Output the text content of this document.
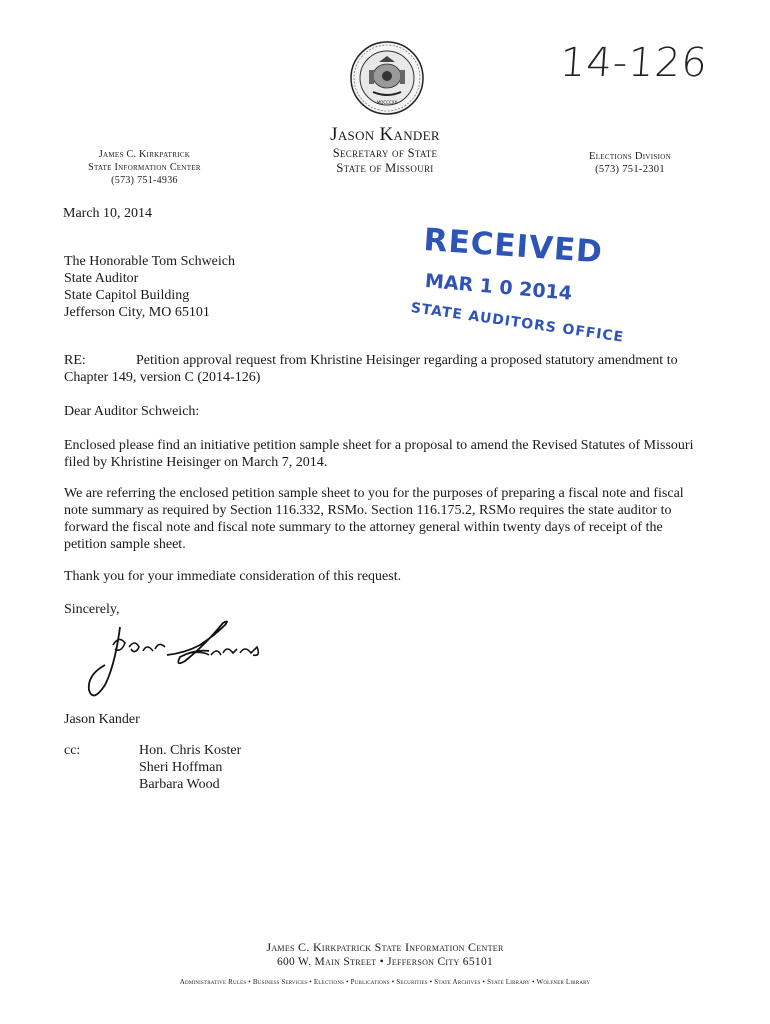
MDCCCXX
14-126
James C. Kirkpatrick
State Information Center
(573) 751-4936
Jason Kander
Secretary of State
State of Missouri
Elections Division
(573) 751-2301
March 10, 2014
The Honorable Tom Schweich
State Auditor
State Capitol Building
Jefferson City, MO 65101
RECEIVED
MAR 1 0 2014
STATE AUDITORS OFFICE
RE:	Petition approval request from Khristine Heisinger regarding a proposed statutory amendment to Chapter 149, version C (2014-126)
Dear Auditor Schweich:
Enclosed please find an initiative petition sample sheet for a proposal to amend the Revised Statutes of Missouri filed by Khristine Heisinger on March 7, 2014.
We are referring the enclosed petition sample sheet to you for the purposes of preparing a fiscal note and fiscal note summary as required by Section 116.332, RSMo. Section 116.175.2, RSMo requires the state auditor to forward the fiscal note and fiscal note summary to the attorney general within twenty days of receipt of the petition sample sheet.
Thank you for your immediate consideration of this request.
Sincerely,
Jason Kander
cc:	Hon. Chris Koster
Sheri Hoffman
Barbara Wood
James C. Kirkpatrick State Information Center
600 W. Main Street • Jefferson City 65101
Administrative Rules • Business Services • Elections • Publications • Securities • State Archives • State Library • Wolfner Library
